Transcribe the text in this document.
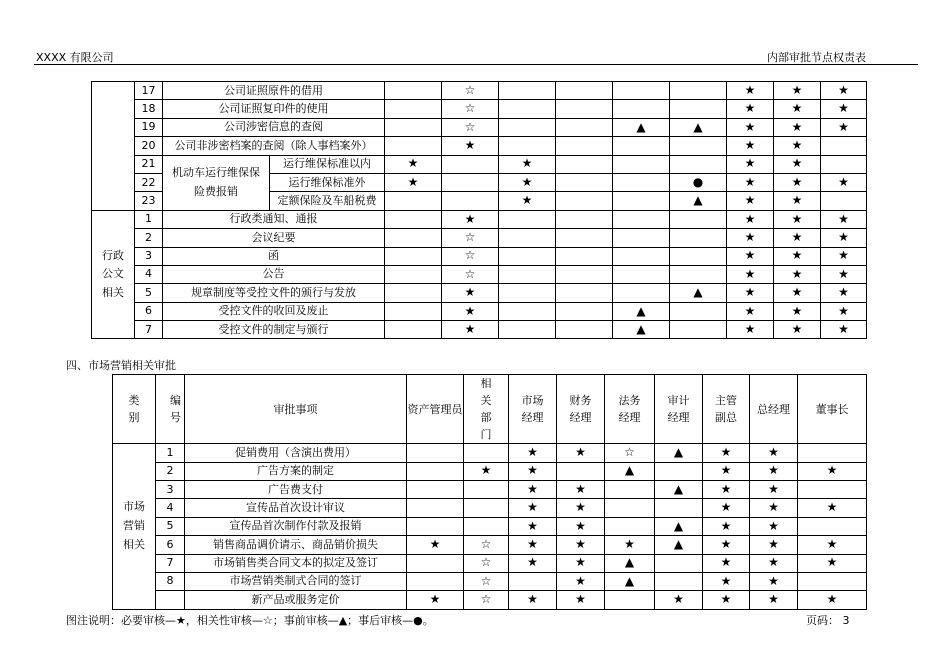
XXXX 有限公司	内部审批节点权责表
	17	公司证照原件的借用			☆					★	★	★
	18	公司证照复印件的使用			☆					★	★	★
	19	公司涉密信息的查阅			☆			▲	▲	★	★	★
	20	公司非涉密档案的查阅（除人事档案外）			★					★	★	
	21	机动车运行维保保险费报销	运行维保标准以内	★		★				★	★	
	22		运行维保标准外	★		★			●	★	★	★
	23		定额保险及车船税费			★			▲	★	★	
行政公文相关	1	行政类通知、通报			★					★	★	★
	2	会议纪要			☆					★	★	★
	3	函			☆					★	★	★
	4	公告			☆					★	★	★
	5	规章制度等受控文件的颁行与发放			★				▲	★	★	★
	6	受控文件的收回及废止			★			▲		★	★	★
	7	受控文件的制定与颁行			★			▲		★	★	★
四、市场营销相关审批
类别	编号	审批事项	资产管理员	相关部门	市场经理	财务经理	法务经理	审计经理	主管副总	总经理	董事长
市场营销相关	1	促销费用（含演出费用）			★	★	☆	▲	★	★	
	2	广告方案的制定		★	★		▲		★	★	★
	3	广告费支付			★	★		▲	★	★	
	4	宣传品首次设计审议			★	★			★	★	★
	5	宣传品首次制作付款及报销			★	★		▲	★	★	
	6	销售商品调价请示、商品销价损失	★	☆	★	★	★	▲	★	★	★
	7	市场销售类合同文本的拟定及签订		☆	★	★	▲		★	★	★
	8	市场营销类制式合同的签订		☆		★	▲		★	★	
		新产品或服务定价	★	☆	★	★		★	★	★	★
图注说明：必要审核—★，相关性审核—☆；事前审核—▲；事后审核—●。	页码： 3
